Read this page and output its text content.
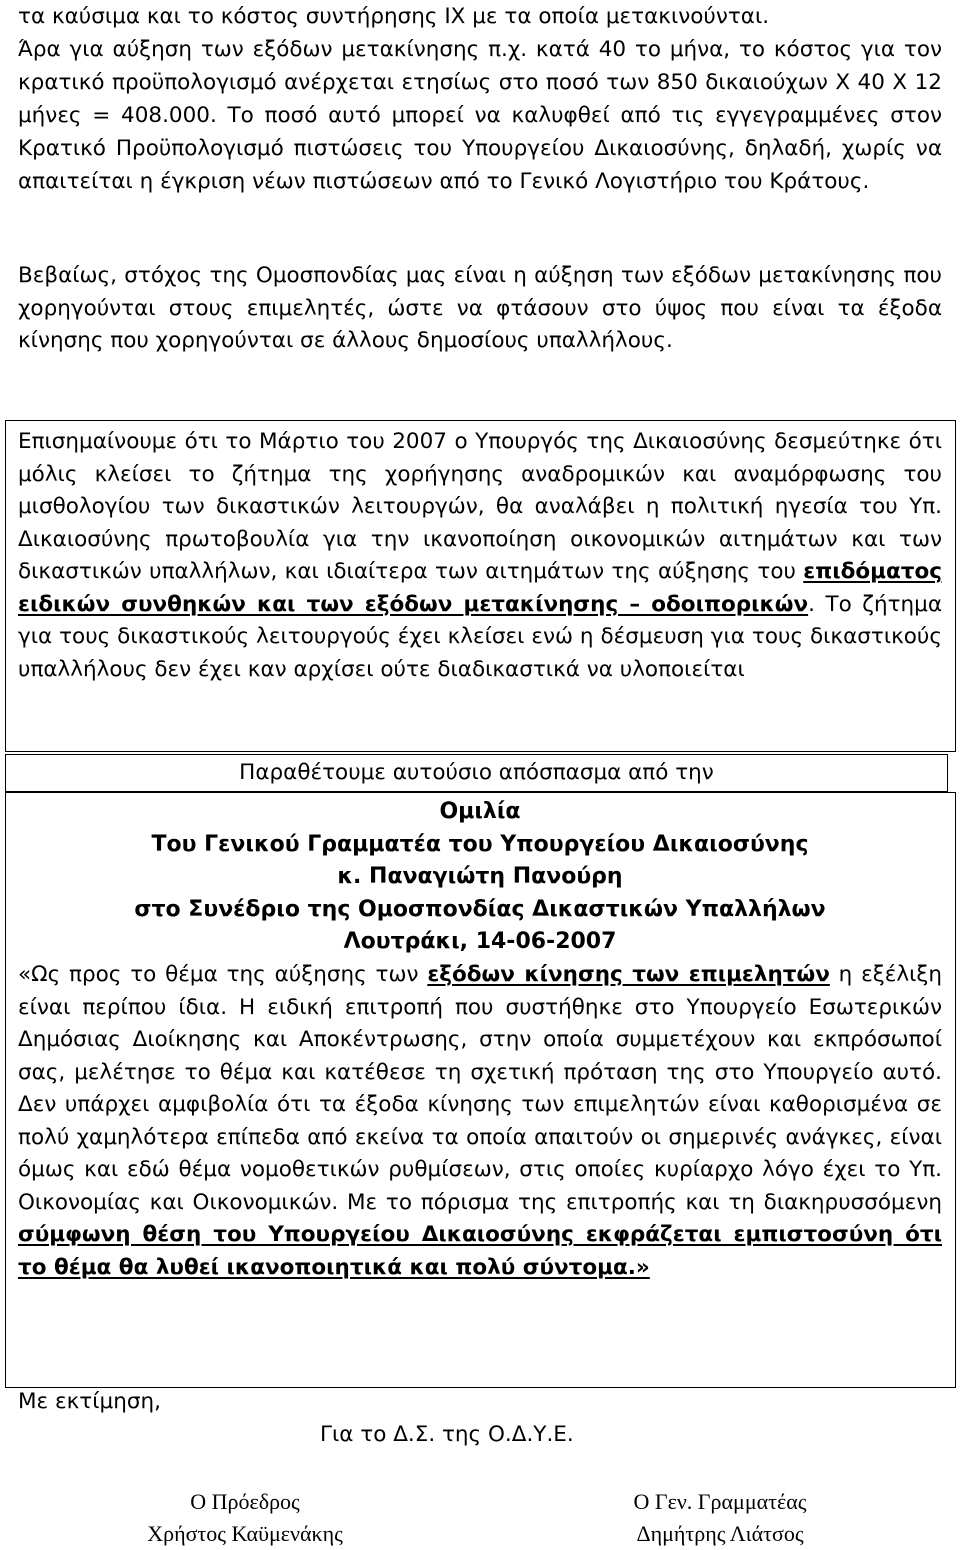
τα καύσιμα και το κόστος συντήρησης ΙΧ με τα οποία μετακινούνται.
Άρα για αύξηση των εξόδων μετακίνησης π.χ. κατά 40 το μήνα, το κόστος για τον κρατικό προϋπολογισμό ανέρχεται ετησίως στο ποσό των 850 δικαιούχων Χ 40 Χ 12 μήνες = 408.000. Το ποσό αυτό μπορεί να καλυφθεί από τις εγγεγραμμένες στον Κρατικό Προϋπολογισμό πιστώσεις του Υπουργείου Δικαιοσύνης, δηλαδή, χωρίς να απαιτείται η έγκριση νέων πιστώσεων από το Γενικό Λογιστήριο του Κράτους.

Βεβαίως, στόχος της Ομοσπονδίας μας είναι η αύξηση των εξόδων μετακίνησης που χορηγούνται στους επιμελητές, ώστε να φτάσουν στο ύψος που είναι τα έξοδα κίνησης που χορηγούνται σε άλλους δημοσίους υπαλλήλους.

Επισημαίνουμε ότι το Μάρτιο του 2007 ο Υπουργός της Δικαιοσύνης δεσμεύτηκε ότι μόλις κλείσει το ζήτημα της χορήγησης αναδρομικών και αναμόρφωσης του μισθολογίου των δικαστικών λειτουργών, θα αναλάβει η πολιτική ηγεσία του Υπ. Δικαιοσύνης πρωτοβουλία για την ικανοποίηση οικονομικών αιτημάτων και των δικαστικών υπαλλήλων, και ιδιαίτερα των αιτημάτων της αύξησης του επιδόματος ειδικών συνθηκών και των εξόδων μετακίνησης – οδοιπορικών. Το ζήτημα για τους δικαστικούς λειτουργούς έχει κλείσει ενώ η δέσμευση για τους δικαστικούς υπαλλήλους δεν έχει καν αρχίσει ούτε διαδικαστικά να υλοποιείται

Παραθέτουμε αυτούσιο απόσπασμα από την
Ομιλία
Του Γενικού Γραμματέα του Υπουργείου Δικαιοσύνης
κ. Παναγιώτη Πανούρη
στο Συνέδριο της Ομοσπονδίας Δικαστικών Υπαλλήλων
Λουτράκι, 14-06-2007

«Ως προς το θέμα της αύξησης των εξόδων κίνησης των επιμελητών η εξέλιξη είναι περίπου ίδια. Η ειδική επιτροπή που συστήθηκε στο Υπουργείο Εσωτερικών Δημόσιας Διοίκησης και Αποκέντρωσης, στην οποία συμμετέχουν και εκπρόσωποί σας, μελέτησε το θέμα και κατέθεσε τη σχετική πρόταση της στο Υπουργείο αυτό. Δεν υπάρχει αμφιβολία ότι τα έξοδα κίνησης των επιμελητών είναι καθορισμένα σε πολύ χαμηλότερα επίπεδα από εκείνα τα οποία απαιτούν οι σημερινές ανάγκες, είναι όμως και εδώ θέμα νομοθετικών ρυθμίσεων, στις οποίες κυρίαρχο λόγο έχει το Υπ. Οικονομίας και Οικονομικών. Με το πόρισμα της επιτροπής και τη διακηρυσσόμενη σύμφωνη θέση του Υπουργείου Δικαιοσύνης εκφράζεται εμπιστοσύνη ότι το θέμα θα λυθεί ικανοποιητικά και πολύ σύντομα.»

Με εκτίμηση,
Για το Δ.Σ. της Ο.Δ.Υ.Ε.
Ο Πρόεδρος
Χρήστος Καϋμενάκης
Ο Γεν. Γραμματέας
Δημήτρης Λιάτσος
